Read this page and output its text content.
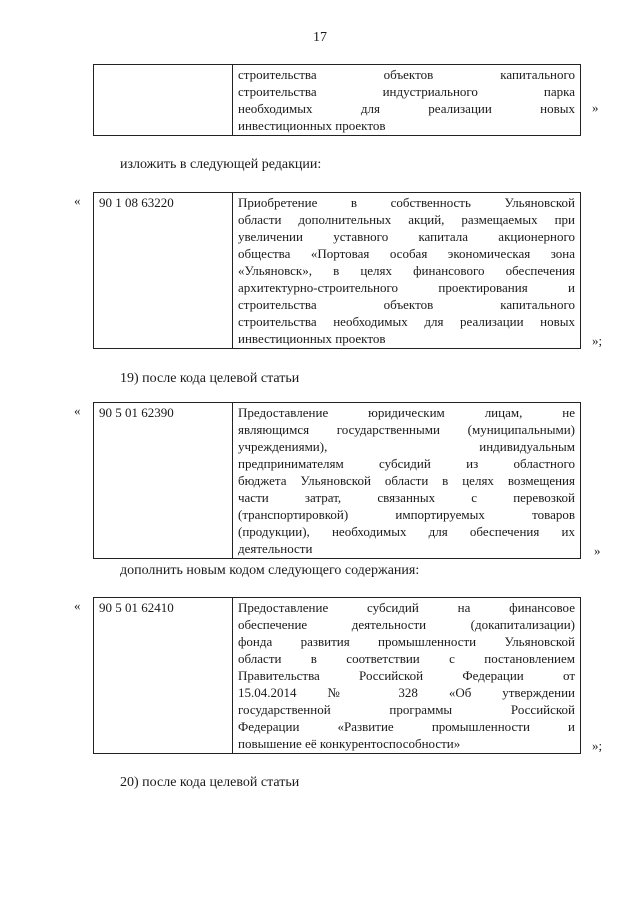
17

строительства объектов капитального
строительства индустриального парка
необходимых для реализации новых
инвестиционных проектов
»
изложить в следующей редакции:
« 90 1 08 63220	Приобретение в собственность Ульяновской
области дополнительных акций, размещаемых при
увеличении уставного капитала акционерного
общества «Портовая особая экономическая зона
«Ульяновск», в целях финансового обеспечения
архитектурно-строительного проектирования и
строительства объектов капитального
строительства необходимых для реализации новых
инвестиционных проектов	»;
19) после кода целевой статьи
« 90 5 01 62390	Предоставление юридическим лицам, не
являющимся государственными (муниципальными)
учреждениями), индивидуальным
предпринимателям субсидий из областного
бюджета Ульяновской области в целях возмещения
части затрат, связанных с перевозкой
(транспортировкой) импортируемых товаров
(продукции), необходимых для обеспечения их
деятельности	»
дополнить новым кодом следующего содержания:
« 90 5 01 62410	Предоставление субсидий на финансовое
обеспечение деятельности (докапитализации)
фонда развития промышленности Ульяновской
области в соответствии с постановлением
Правительства Российской Федерации от
15.04.2014 № 328 «Об утверждении
государственной программы Российской
Федерации «Развитие промышленности и
повышение её конкурентоспособности»	»;
20) после кода целевой статьи
